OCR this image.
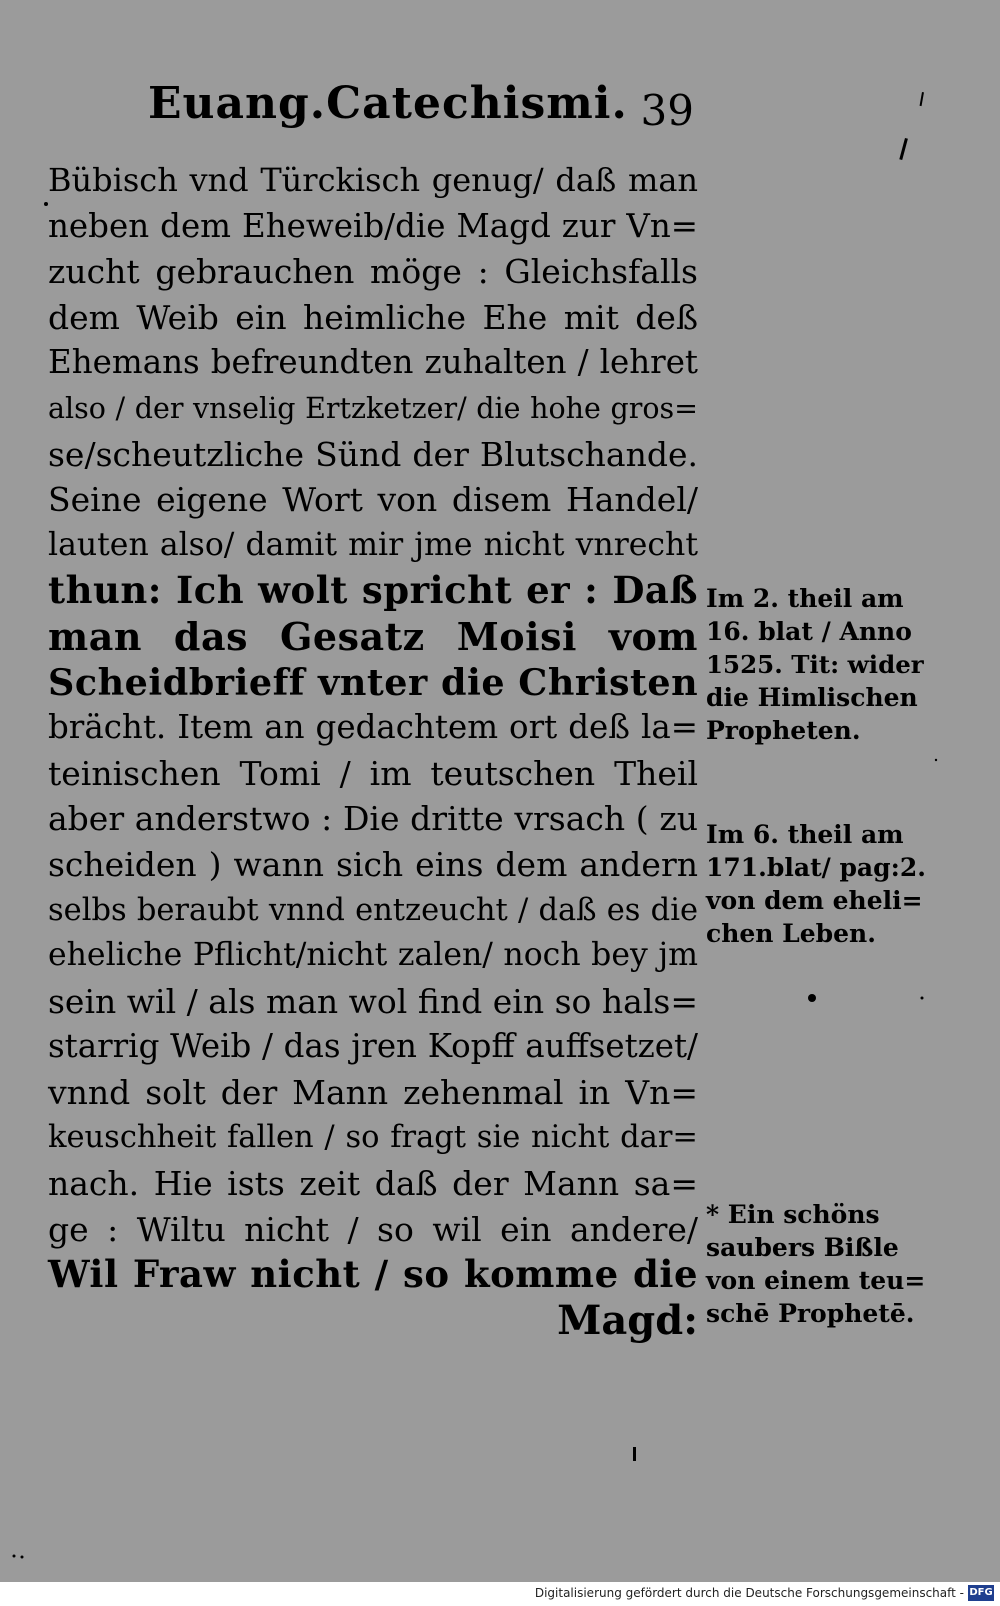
Euang.Catechismi. 39
Bübisch vnd Türckisch genug/ daß man
neben dem Eheweib/die Magd zur Vn=
zucht gebrauchen möge : Gleichsfalls
dem Weib ein heimliche Ehe mit deß
Ehemans befreundten zuhalten / lehret
also / der vnselig Ertzketzer/ die hohe gros=
se/scheutzliche Sünd der Blutschande.
Seine eigene Wort von disem Handel/
lauten also/ damit mir jme nicht vnrecht
thun: Ich wolt spricht er : Daß
man das Gesatz Moisi vom
Scheidbrieff vnter die Christen
brächt. Item an gedachtem ort deß la=
teinischen Tomi / im teutschen Theil
aber anderstwo : Die dritte vrsach ( zu
scheiden ) wann sich eins dem andern
selbs beraubt vnnd entzeucht / daß es die
eheliche Pflicht/nicht zalen/ noch bey jm
sein wil / als man wol find ein so hals=
starrig Weib / das jren Kopff auffsetzet/
vnnd solt der Mann zehenmal in Vn=
keuschheit fallen / so fragt sie nicht dar=
nach. Hie ists zeit daß der Mann sa=
ge : Wiltu nicht / so wil ein andere/
Wil Fraw nicht / so komme die
Magd:
Im 2. theil am
16. blat / Anno
1525. Tit: wider
die Himlischen
Propheten.
Im 6. theil am
171.blat/ pag:2.
von dem eheli=
chen Leben.
* Ein schöns
saubers Bißle
von einem teu=
schē Prophetē.
Digitalisierung gefördert durch die Deutsche Forschungsgemeinschaft - DFG
